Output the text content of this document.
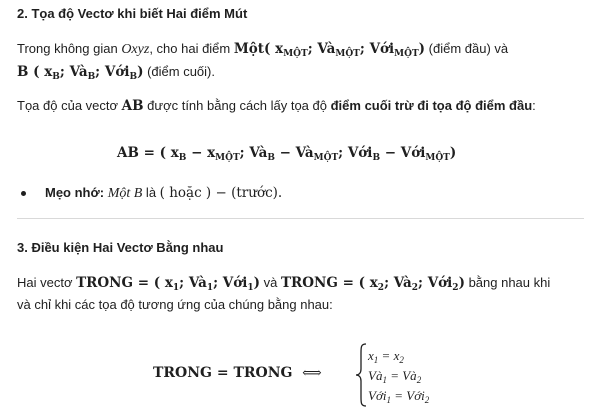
2. Tọa độ Vectơ khi biết Hai điểm Mút
Trong không gian Oxyz, cho hai điểm Một( $x_{MỘT}$; $Và_{MỘT}$; Với$_{MỘT}$) (điểm đầu) và
B ( $x_B$; $Và_B$; Với$_B$) (điểm cuối).
Tọa độ của vectơ AB được tính bằng cách lấy tọa độ điểm cuối trừ đi tọa độ điểm đầu:
AB = ( $x_B - x_{MỘT}$; $Và_B$ − $Và_{MỘT}$; Với$_B$ − Với$_{MỘT}$)
Mẹo nhớ: Một B là ( hoặc ) − (trước).
3. Điều kiện Hai Vectơ Bằng nhau
Hai vectơ TRONG = ( $x_1$; $Và_1$; Với$_1$) và TRONG = ( $x_2$; $Và_2$; Với$_2$) bằng nhau khi
và chỉ khi các tọa độ tương ứng của chúng bằng nhau:
TRONG = TRONG ⟺
$x_1 = x_2$
$Và_1$ = $Và_2$
Với$_1$ = Với$_2$
